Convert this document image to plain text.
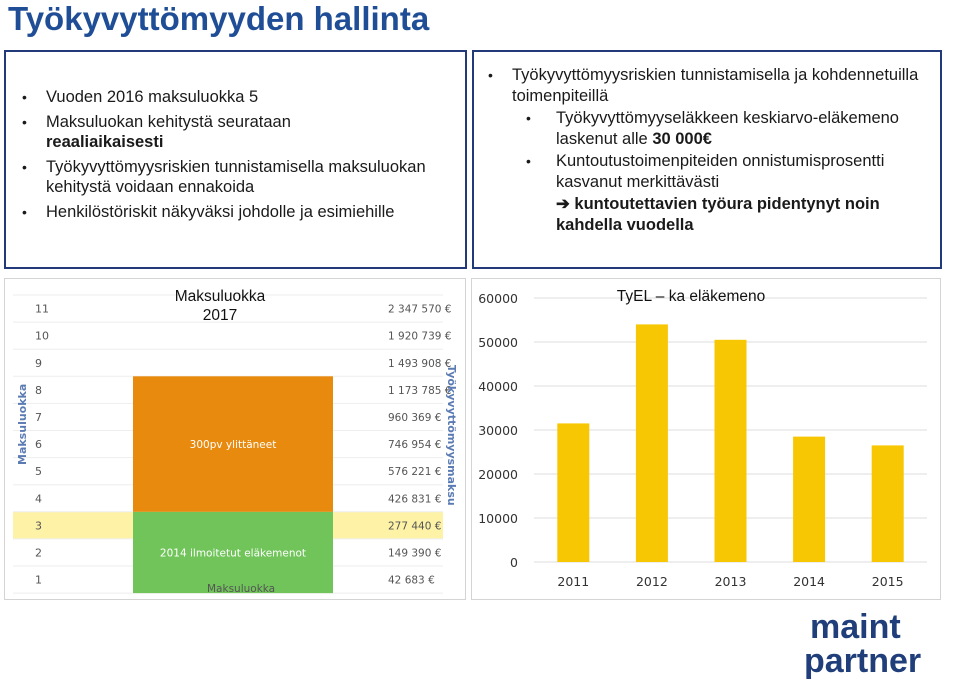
Työkyvyttömyyden hallinta
• Vuoden 2016 maksuluokka 5
• Maksuluokan kehitystä seurataan
reaaliaikaisesti
• Työkyvyttömyysriskien tunnistamisella maksuluokan kehitystä voidaan ennakoida
• Henkilöstöriskit näkyväksi johdolle ja esimiehille
• Työkyvyttömyysriskien tunnistamisella ja kohdennetuilla toimenpiteillä
• Työkyvyttömyyseläkkeen keskiarvo-eläkemeno laskenut alle 30 000€
• Kuntoutustoimenpiteiden onnistumisprosentti kasvanut merkittävästi
➔ kuntoutettavien työura pidentynyt noin kahdella vuodella
2014 ilmoitetut eläkemenot
300pv ylittäneet
1	42 683 €
2	149 390 €
3	277 440 €
4	426 831 €
5	576 221 €
6	746 954 €
7	960 369 €
8	1 173 785 €
9	1 493 908 €
10	1 920 739 €
11	2 347 570 €
Maksuluokka
Maksuluokka	Työkyvyttömyysmaksu
Maksuluokka
2017
0
10000
20000
30000
40000
50000
60000
2011	2012	2013	2014	2015
TyEL – ka eläkemeno
maint
partner
